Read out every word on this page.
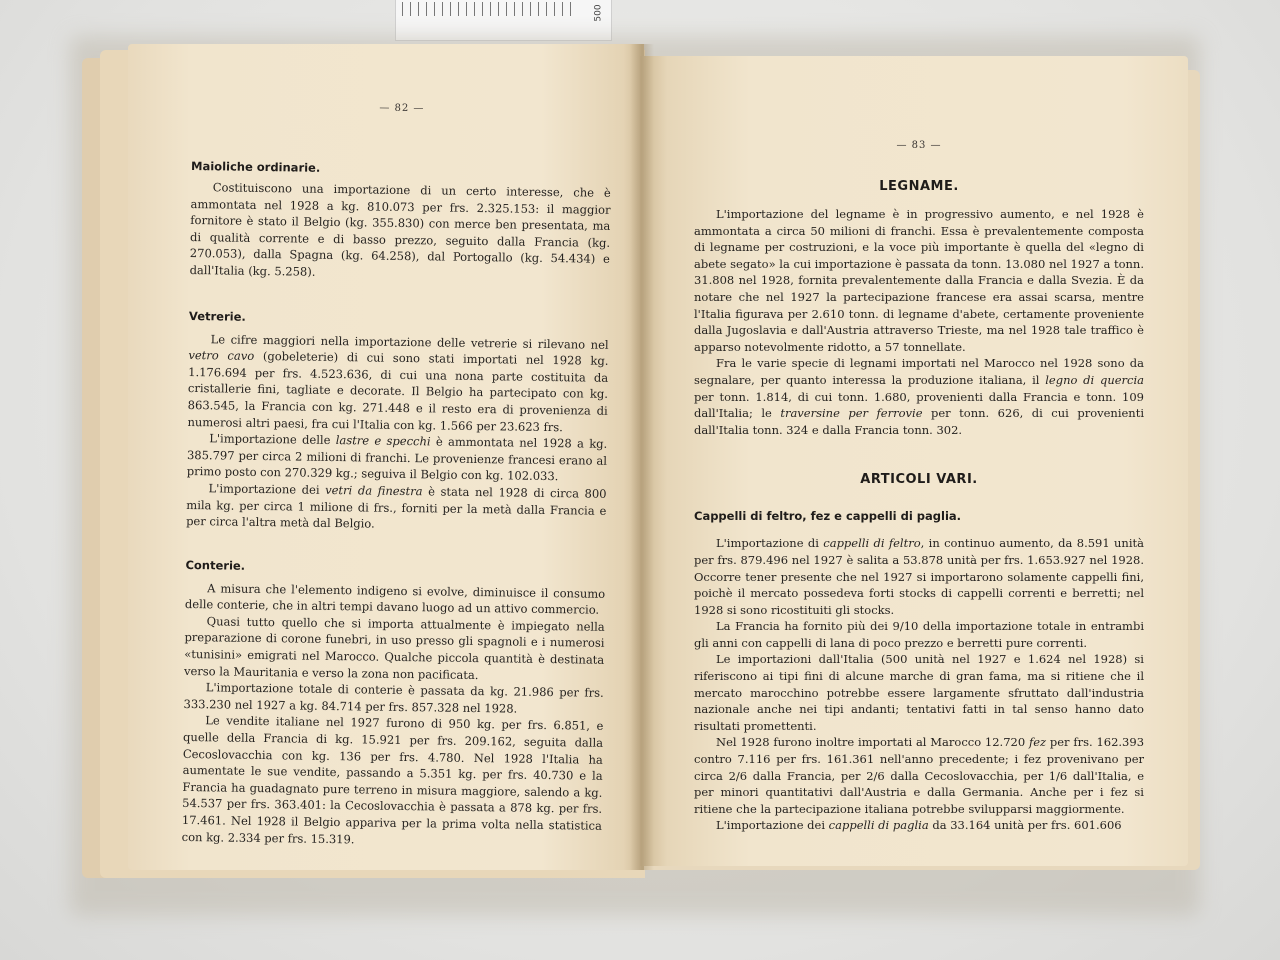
500
— 82 —
Maioliche ordinarie.

Costituiscono una importazione di un certo interesse, che è ammontata nel 1928 a kg. 810.073 per frs. 2.325.153: il maggior fornitore è stato il Belgio (kg. 355.830) con merce ben presentata, ma di qualità corrente e di basso prezzo, seguito dalla Francia (kg. 270.053), dalla Spagna (kg. 64.258), dal Portogallo (kg. 54.434) e dall'Italia (kg. 5.258).

Vetrerie.

Le cifre maggiori nella importazione delle vetrerie si rilevano nel vetro cavo (gobeleterie) di cui sono stati importati nel 1928 kg. 1.176.694 per frs. 4.523.636, di cui una nona parte costituita da cristallerie fini, tagliate e decorate. Il Belgio ha partecipato con kg. 863.545, la Francia con kg. 271.448 e il resto era di provenienza di numerosi altri paesi, fra cui l'Italia con kg. 1.566 per 23.623 frs.

L'importazione delle lastre e specchi è ammontata nel 1928 a kg. 385.797 per circa 2 milioni di franchi. Le provenienze francesi erano al primo posto con 270.329 kg.; seguiva il Belgio con kg. 102.033.

L'importazione dei vetri da finestra è stata nel 1928 di circa 800 mila kg. per circa 1 milione di frs., forniti per la metà dalla Francia e per circa l'altra metà dal Belgio.

Conterie.

A misura che l'elemento indigeno si evolve, diminuisce il consumo delle conterie, che in altri tempi davano luogo ad un attivo commercio.

Quasi tutto quello che si importa attualmente è impiegato nella preparazione di corone funebri, in uso presso gli spagnoli e i numerosi «tunisini» emigrati nel Marocco. Qualche piccola quantità è destinata verso la Mauritania e verso la zona non pacificata.

L'importazione totale di conterie è passata da kg. 21.986 per frs. 333.230 nel 1927 a kg. 84.714 per frs. 857.328 nel 1928.

Le vendite italiane nel 1927 furono di 950 kg. per frs. 6.851, e quelle della Francia di kg. 15.921 per frs. 209.162, seguita dalla Cecoslovacchia con kg. 136 per frs. 4.780. Nel 1928 l'Italia ha aumentate le sue vendite, passando a 5.351 kg. per frs. 40.730 e la Francia ha guadagnato pure terreno in misura maggiore, salendo a kg. 54.537 per frs. 363.401: la Cecoslovacchia è passata a 878 kg. per frs. 17.461. Nel 1928 il Belgio appariva per la prima volta nella statistica con kg. 2.334 per frs. 15.319.

— 83 —
LEGNAME.

L'importazione del legname è in progressivo aumento, e nel 1928 è ammontata a circa 50 milioni di franchi. Essa è prevalentemente composta di legname per costruzioni, e la voce più importante è quella del «legno di abete segato» la cui importazione è passata da tonn. 13.080 nel 1927 a tonn. 31.808 nel 1928, fornita prevalentemente dalla Francia e dalla Svezia. È da notare che nel 1927 la partecipazione francese era assai scarsa, mentre l'Italia figurava per 2.610 tonn. di legname d'abete, certamente proveniente dalla Jugoslavia e dall'Austria attraverso Trieste, ma nel 1928 tale traffico è apparso notevolmente ridotto, a 57 tonnellate.

Fra le varie specie di legnami importati nel Marocco nel 1928 sono da segnalare, per quanto interessa la produzione italiana, il legno di quercia per tonn. 1.814, di cui tonn. 1.680, provenienti dalla Francia e tonn. 109 dall'Italia; le traversine per ferrovie per tonn. 626, di cui provenienti dall'Italia tonn. 324 e dalla Francia tonn. 302.

ARTICOLI VARI.
Cappelli di feltro, fez e cappelli di paglia.

L'importazione di cappelli di feltro, in continuo aumento, da 8.591 unità per frs. 879.496 nel 1927 è salita a 53.878 unità per frs. 1.653.927 nel 1928. Occorre tener presente che nel 1927 si importarono solamente cappelli fini, poichè il mercato possedeva forti stocks di cappelli correnti e berretti; nel 1928 si sono ricostituiti gli stocks.

La Francia ha fornito più dei 9/10 della importazione totale in entrambi gli anni con cappelli di lana di poco prezzo e berretti pure correnti.

Le importazioni dall'Italia (500 unità nel 1927 e 1.624 nel 1928) si riferiscono ai tipi fini di alcune marche di gran fama, ma si ritiene che il mercato marocchino potrebbe essere largamente sfruttato dall'industria nazionale anche nei tipi andanti; tentativi fatti in tal senso hanno dato risultati promettenti.

Nel 1928 furono inoltre importati al Marocco 12.720 fez per frs. 162.393 contro 7.116 per frs. 161.361 nell'anno precedente; i fez provenivano per circa 2/6 dalla Francia, per 2/6 dalla Cecoslovacchia, per 1/6 dall'Italia, e per minori quantitativi dall'Austria e dalla Germania. Anche per i fez si ritiene che la partecipazione italiana potrebbe svilupparsi maggiormente.

L'importazione dei cappelli di paglia da 33.164 unità per frs. 601.606
